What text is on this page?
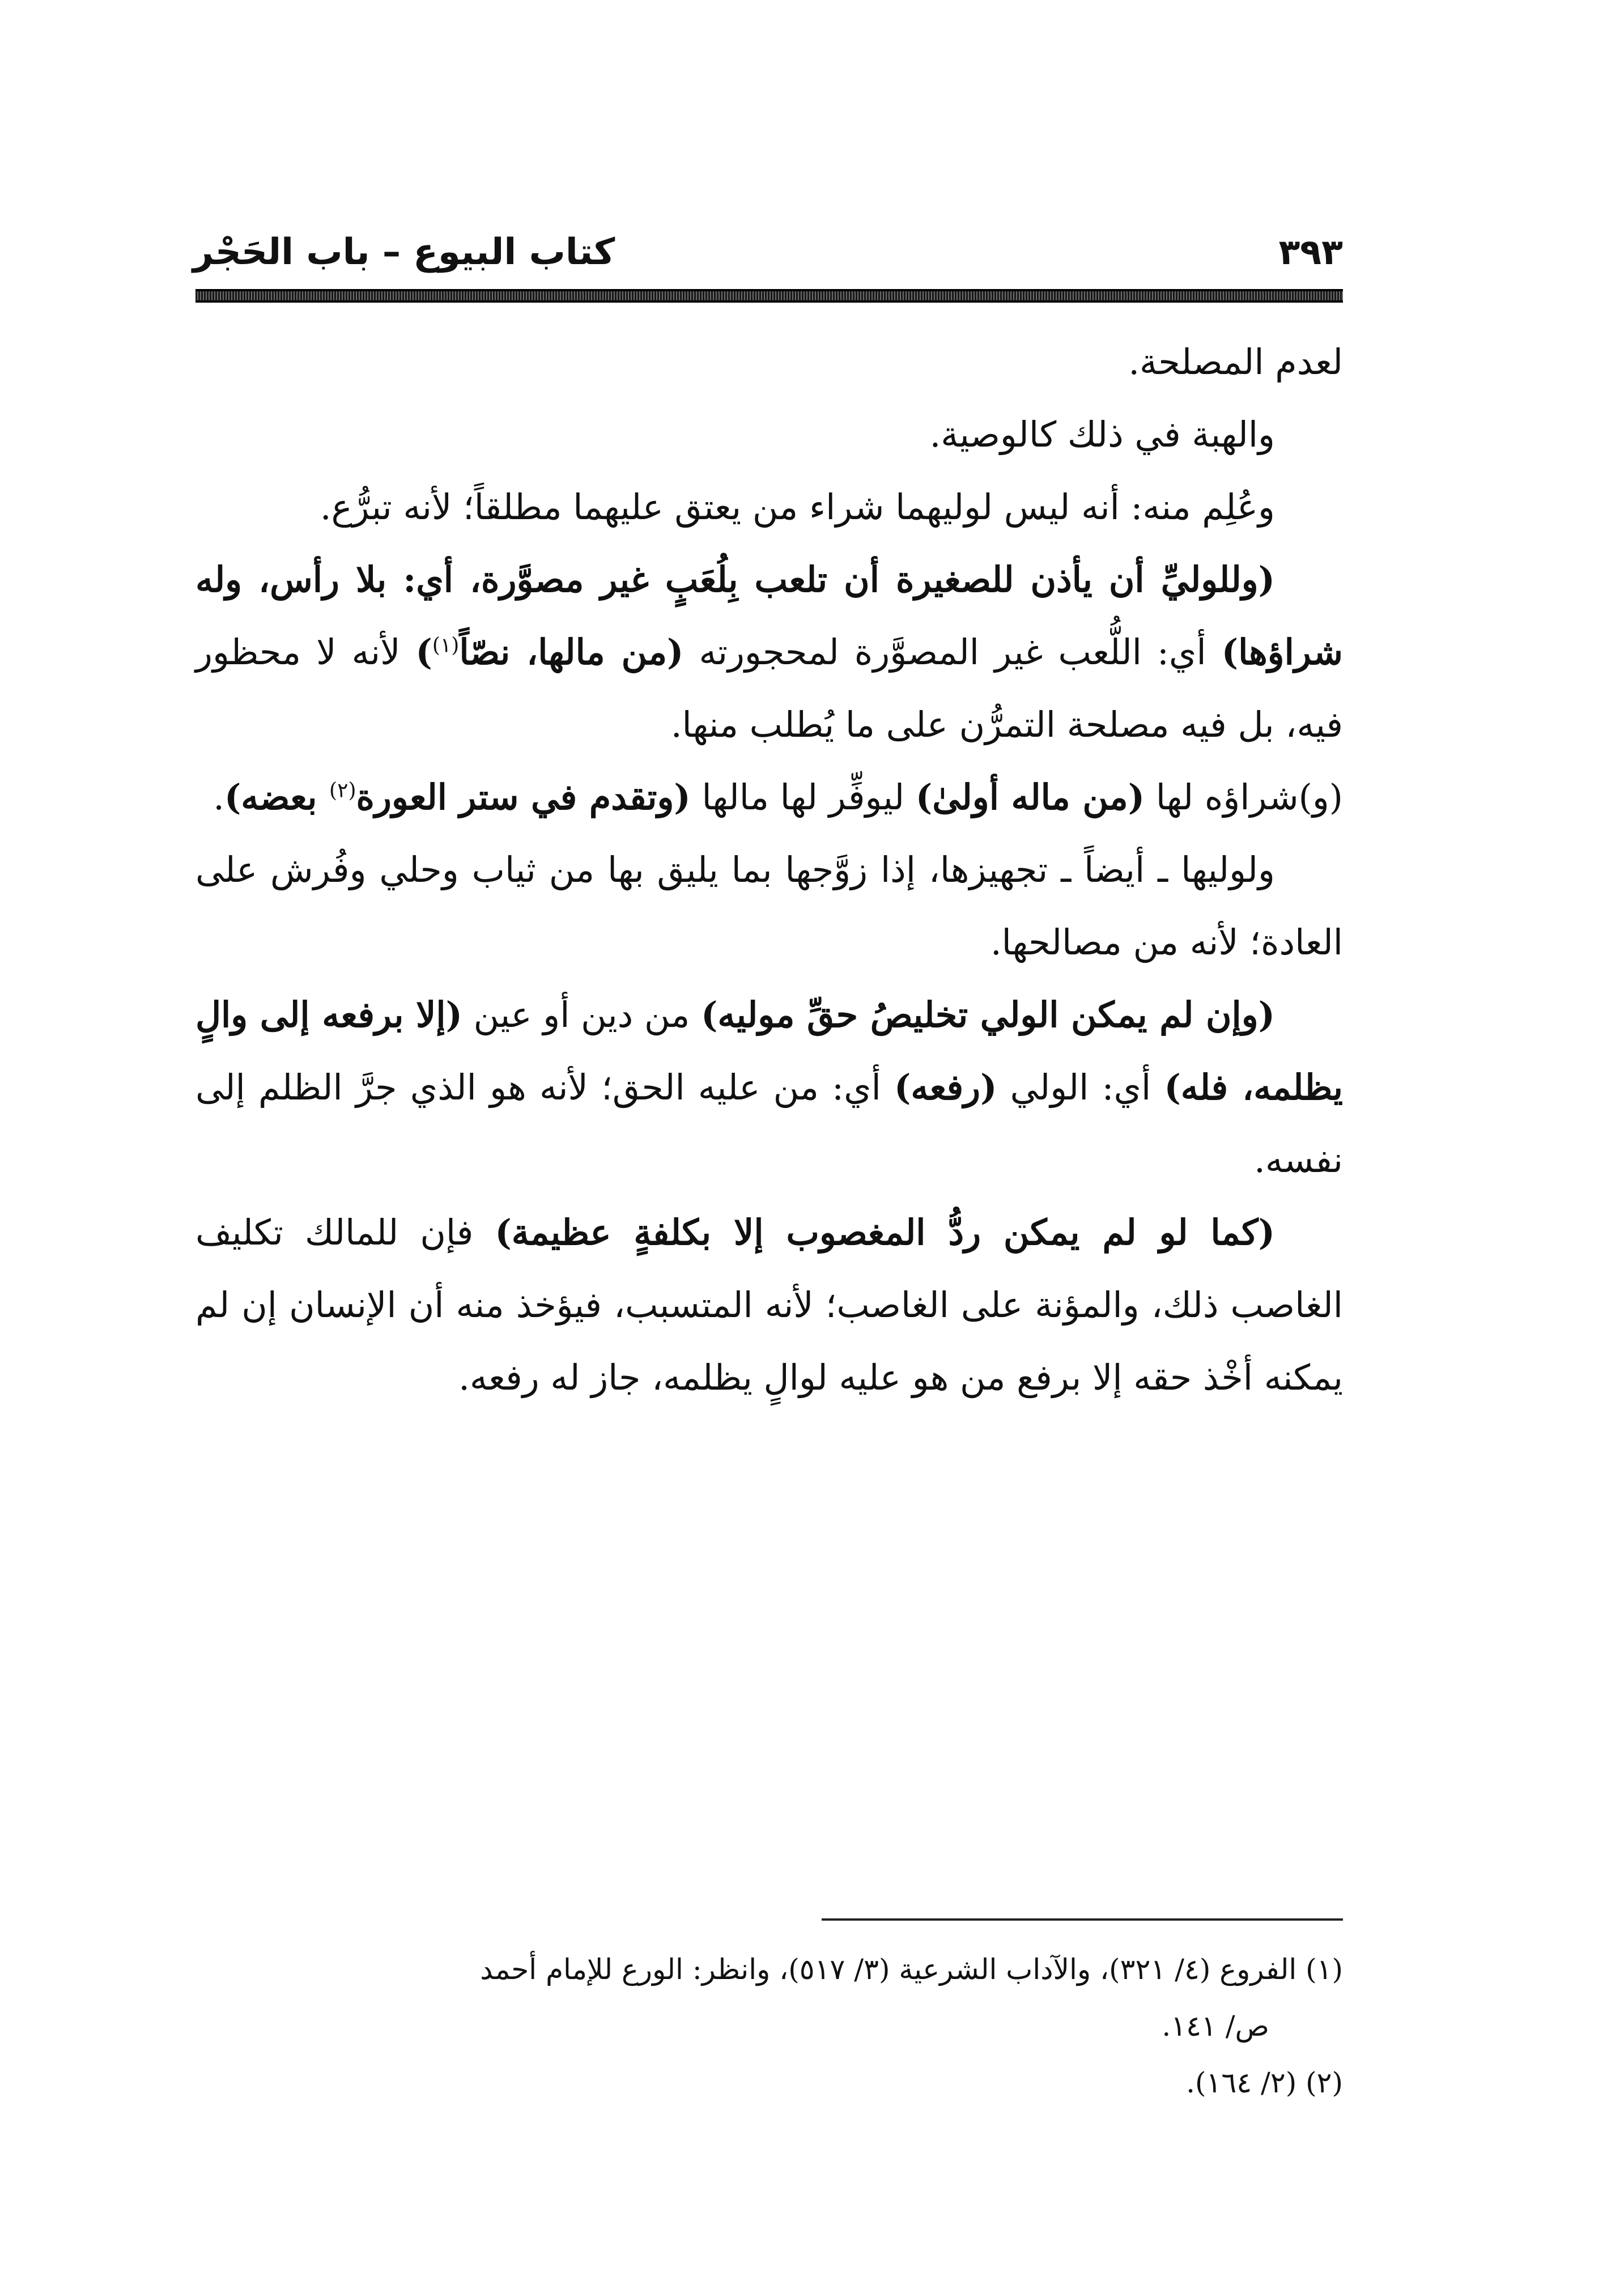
كتاب البيوع – باب الحَجْر	٣٩٣

لعدم المصلحة.

والهبة في ذلك كالوصية.

وعُلِم منه: أنه ليس لوليهما شراء من يعتق عليهما مطلقاً؛ لأنه تبرُّع.

(وللوليِّ أن يأذن للصغيرة أن تلعب بِلُعَبٍ غير مصوَّرة، أي: بلا رأس، وله شراؤها) أي: اللُّعب غير المصوَّرة لمحجورته (من مالها، نصّاً$^{(١)}$) لأنه لا محظور فيه، بل فيه مصلحة التمرُّن على ما يُطلب منها.

(و)شراؤه لها (من ماله أولىٰ) ليوفِّر لها مالها (وتقدم في ستر العورة$^{(٢)}$ بعضه).

ولوليها ـ أيضاً ـ تجهيزها، إذا زوَّجها بما يليق بها من ثياب وحلي وفُرش على العادة؛ لأنه من مصالحها.

(وإن لم يمكن الولي تخليصُ حقِّ موليه) من دين أو عين (إلا برفعه إلى والٍ يظلمه، فله) أي: الولي (رفعه) أي: من عليه الحق؛ لأنه هو الذي جرَّ الظلم إلى نفسه.

(كما لو لم يمكن ردُّ المغصوب إلا بكلفةٍ عظيمة) فإن للمالك تكليف الغاصب ذلك، والمؤنة على الغاصب؛ لأنه المتسبب، فيؤخذ منه أن الإنسان إن لم يمكنه أخْذ حقه إلا برفع من هو عليه لوالٍ يظلمه، جاز له رفعه.

(١) الفروع (٤/ ٣٢١)، والآداب الشرعية (٣/ ٥١٧)، وانظر: الورع للإمام أحمد

ص/ ١٤١.

(٢) (٢/ ١٦٤).
